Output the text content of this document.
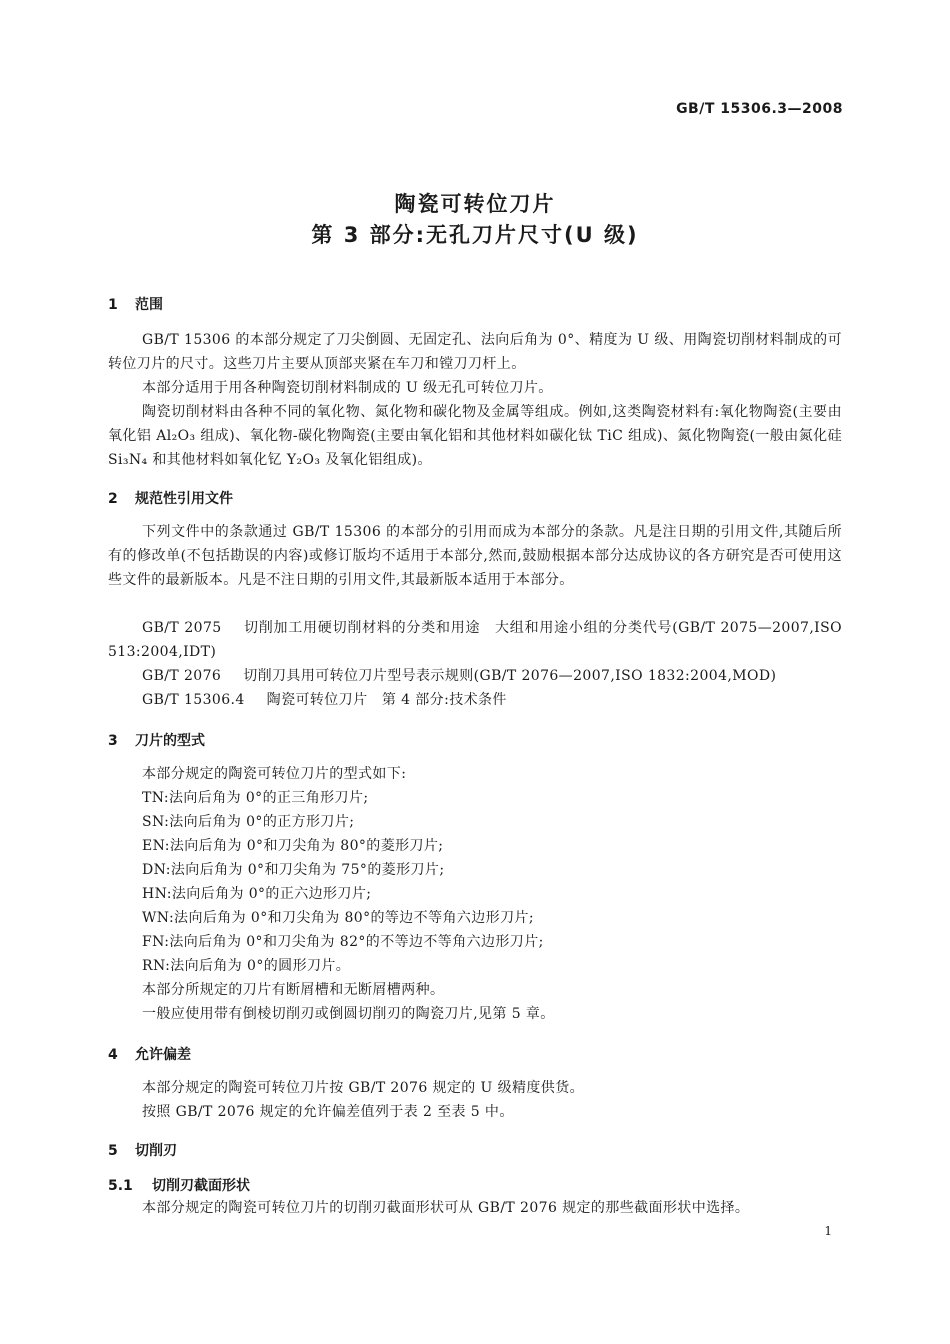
GB/T 15306.3—2008
陶瓷可转位刀片
第 3 部分:无孔刀片尺寸(U 级)
1 范围
GB/T 15306 的本部分规定了刀尖倒圆、无固定孔、法向后角为 0°、精度为 U 级、用陶瓷切削材料制成的可转位刀片的尺寸。这些刀片主要从顶部夹紧在车刀和镗刀刀杆上。
本部分适用于用各种陶瓷切削材料制成的 U 级无孔可转位刀片。
陶瓷切削材料由各种不同的氧化物、氮化物和碳化物及金属等组成。例如,这类陶瓷材料有:氧化物陶瓷(主要由氧化铝 Al₂O₃ 组成)、氧化物-碳化物陶瓷(主要由氧化铝和其他材料如碳化钛 TiC 组成)、氮化物陶瓷(一般由氮化硅 Si₃N₄ 和其他材料如氧化钇 Y₂O₃ 及氧化铝组成)。
2 规范性引用文件
下列文件中的条款通过 GB/T 15306 的本部分的引用而成为本部分的条款。凡是注日期的引用文件,其随后所有的修改单(不包括勘误的内容)或修订版均不适用于本部分,然而,鼓励根据本部分达成协议的各方研究是否可使用这些文件的最新版本。凡是不注日期的引用文件,其最新版本适用于本部分。
GB/T 2075 切削加工用硬切削材料的分类和用途　大组和用途小组的分类代号(GB/T 2075—2007,ISO 513:2004,IDT)
GB/T 2076 切削刀具用可转位刀片型号表示规则(GB/T 2076—2007,ISO 1832:2004,MOD)
GB/T 15306.4 陶瓷可转位刀片　第 4 部分:技术条件
3 刀片的型式
本部分规定的陶瓷可转位刀片的型式如下:
TN:法向后角为 0°的正三角形刀片;
SN:法向后角为 0°的正方形刀片;
EN:法向后角为 0°和刀尖角为 80°的菱形刀片;
DN:法向后角为 0°和刀尖角为 75°的菱形刀片;
HN:法向后角为 0°的正六边形刀片;
WN:法向后角为 0°和刀尖角为 80°的等边不等角六边形刀片;
FN:法向后角为 0°和刀尖角为 82°的不等边不等角六边形刀片;
RN:法向后角为 0°的圆形刀片。
本部分所规定的刀片有断屑槽和无断屑槽两种。
一般应使用带有倒棱切削刃或倒圆切削刃的陶瓷刀片,见第 5 章。
4 允许偏差
本部分规定的陶瓷可转位刀片按 GB/T 2076 规定的 U 级精度供货。
按照 GB/T 2076 规定的允许偏差值列于表 2 至表 5 中。
5 切削刃
5.1 切削刃截面形状
本部分规定的陶瓷可转位刀片的切削刃截面形状可从 GB/T 2076 规定的那些截面形状中选择。
1
